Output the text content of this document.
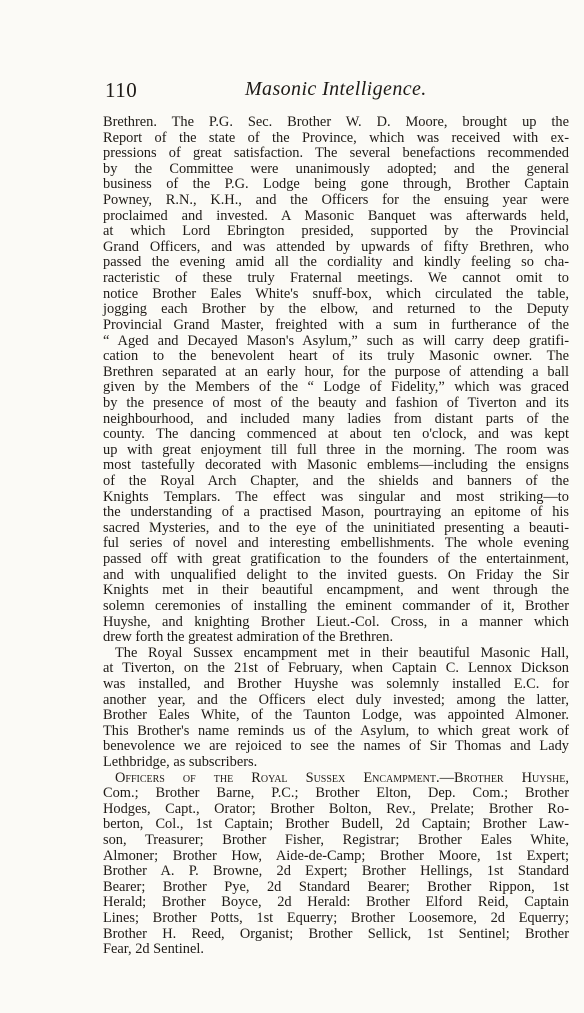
110	Masonic Intelligence.
Brethren. The P.G. Sec. Brother W. D. Moore, brought up the
Report of the state of the Province, which was received with ex-
pressions of great satisfaction. The several benefactions recommended
by the Committee were unanimously adopted; and the general
business of the P.G. Lodge being gone through, Brother Captain
Powney, R.N., K.H., and the Officers for the ensuing year were
proclaimed and invested. A Masonic Banquet was afterwards held,
at which Lord Ebrington presided, supported by the Provincial
Grand Officers, and was attended by upwards of fifty Brethren, who
passed the evening amid all the cordiality and kindly feeling so cha-
racteristic of these truly Fraternal meetings. We cannot omit to
notice Brother Eales White's snuff-box, which circulated the table,
jogging each Brother by the elbow, and returned to the Deputy
Provincial Grand Master, freighted with a sum in furtherance of the
“ Aged and Decayed Mason's Asylum,” such as will carry deep gratifi-
cation to the benevolent heart of its truly Masonic owner. The
Brethren separated at an early hour, for the purpose of attending a ball
given by the Members of the “ Lodge of Fidelity,” which was graced
by the presence of most of the beauty and fashion of Tiverton and its
neighbourhood, and included many ladies from distant parts of the
county. The dancing commenced at about ten o'clock, and was kept
up with great enjoyment till full three in the morning. The room was
most tastefully decorated with Masonic emblems—including the ensigns
of the Royal Arch Chapter, and the shields and banners of the
Knights Templars. The effect was singular and most striking—to
the understanding of a practised Mason, pourtraying an epitome of his
sacred Mysteries, and to the eye of the uninitiated presenting a beauti-
ful series of novel and interesting embellishments. The whole evening
passed off with great gratification to the founders of the entertainment,
and with unqualified delight to the invited guests. On Friday the Sir
Knights met in their beautiful encampment, and went through the
solemn ceremonies of installing the eminent commander of it, Brother
Huyshe, and knighting Brother Lieut.-Col. Cross, in a manner which
drew forth the greatest admiration of the Brethren.
The Royal Sussex encampment met in their beautiful Masonic Hall,
at Tiverton, on the 21st of February, when Captain C. Lennox Dickson
was installed, and Brother Huyshe was solemnly installed E.C. for
another year, and the Officers elect duly invested; among the latter,
Brother Eales White, of the Taunton Lodge, was appointed Almoner.
This Brother's name reminds us of the Asylum, to which great work of
benevolence we are rejoiced to see the names of Sir Thomas and Lady
Lethbridge, as subscribers.
Officers of the Royal Sussex Encampment.—Brother Huyshe,
Com.; Brother Barne, P.C.; Brother Elton, Dep. Com.; Brother
Hodges, Capt., Orator; Brother Bolton, Rev., Prelate; Brother Ro-
berton, Col., 1st Captain; Brother Budell, 2d Captain; Brother Law-
son, Treasurer; Brother Fisher, Registrar; Brother Eales White,
Almoner; Brother How, Aide-de-Camp; Brother Moore, 1st Expert;
Brother A. P. Browne, 2d Expert; Brother Hellings, 1st Standard
Bearer; Brother Pye, 2d Standard Bearer; Brother Rippon, 1st
Herald; Brother Boyce, 2d Herald: Brother Elford Reid, Captain
Lines; Brother Potts, 1st Equerry; Brother Loosemore, 2d Equerry;
Brother H. Reed, Organist; Brother Sellick, 1st Sentinel; Brother
Fear, 2d Sentinel.
